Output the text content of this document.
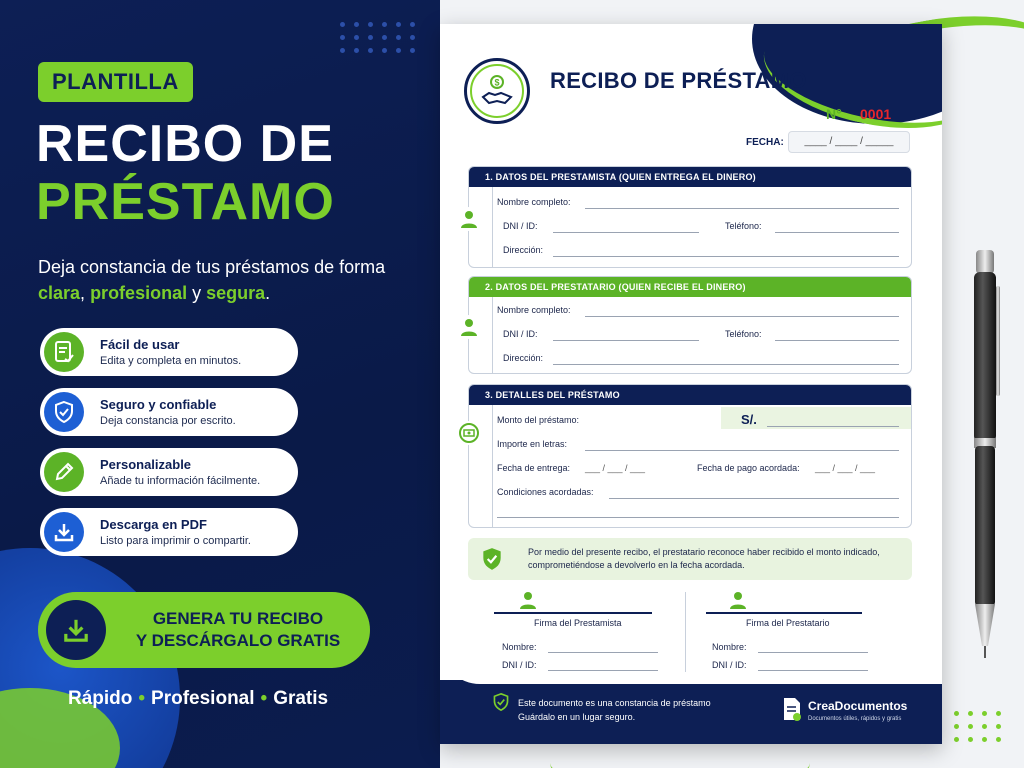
PLANTILLA
RECIBO DE
PRÉSTAMO
Deja constancia de tus préstamos de forma clara, profesional y segura.
Fácil de usar
Edita y completa en minutos.
Seguro y confiable
Deja constancia por escrito.
Personalizable
Añade tu información fácilmente.
Descarga en PDF
Listo para imprimir o compartir.
GENERA TU RECIBO
Y DESCÁRGALO GRATIS
Rápido • Profesional • Gratis
$ RECIBO DE PRÉSTAMO
N° 0001
FECHA:	____ / ____ / _____
1. DATOS DEL PRESTAMISTA (QUIEN ENTREGA EL DINERO)
Nombre completo:
DNI / ID:	Teléfono:
Dirección:
2. DATOS DEL PRESTATARIO (QUIEN RECIBE EL DINERO)
Nombre completo:
DNI / ID:	Teléfono:
Dirección:
3. DETALLES DEL PRÉSTAMO
Monto del préstamo:	S/.
Importe en letras:
Fecha de entrega: ___ / ___ / ___	Fecha de pago acordada: ___ / ___ / ___
Condiciones acordadas:
Por medio del presente recibo, el prestatario reconoce haber recibido el monto indicado, comprometiéndose a devolverlo en la fecha acordada.
Firma del Prestamista
Nombre:
DNI / ID:
Firma del Prestatario
Nombre:
DNI / ID:
Este documento es una constancia de préstamo
Guárdalo en un lugar seguro.
CreaDocumentos
Documentos útiles, rápidos y gratis
